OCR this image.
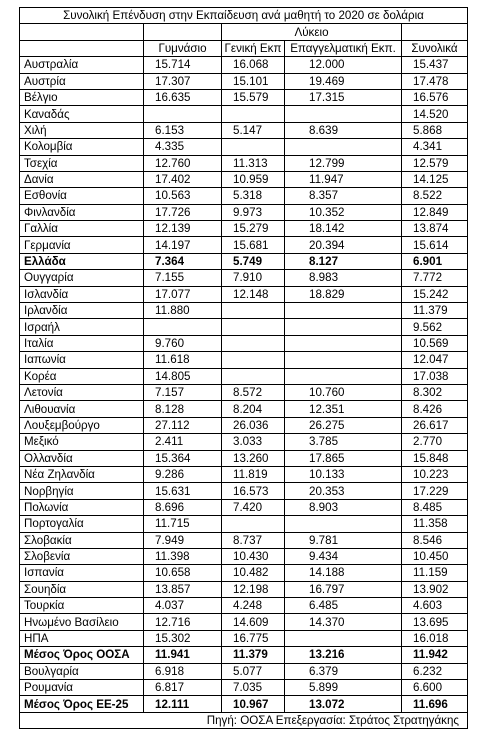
Συνολική Επένδυση στην Εκπαίδευση ανά μαθητή το 2020 σε δολάρια				
		Λύκειο		
	Γυμνάσιο	Γενική Εκπ	Επαγγελματική Εκπ.	Συνολικά
Αυστραλία	15.714	16.068	12.000	15.437
Αυστρία	17.307	15.101	19.469	17.478
Βέλγιο	16.635	15.579	17.315	16.576
Καναδάς				14.520
Χιλή	6.153	5.147	8.639	5.868
Κολομβία	4.335			4.341
Τσεχία	12.760	11.313	12.799	12.579
Δανία	17.402	10.959	11.947	14.125
Εσθονία	10.563	5.318	8.357	8.522
Φινλανδία	17.726	9.973	10.352	12.849
Γαλλία	12.139	15.279	18.142	13.874
Γερμανία	14.197	15.681	20.394	15.614
Ελλάδα	7.364	5.749	8.127	6.901
Ουγγαρία	7.155	7.910	8.983	7.772
Ισλανδία	17.077	12.148	18.829	15.242
Ιρλανδία	11.880			11.379
Ισραήλ				9.562
Ιταλία	9.760			10.569
Ιαπωνία	11.618			12.047
Κορέα	14.805			17.038
Λετονία	7.157	8.572	10.760	8.302
Λιθουανία	8.128	8.204	12.351	8.426
Λουξεμβούργο	27.112	26.036	26.275	26.617
Μεξικό	2.411	3.033	3.785	2.770
Ολλανδία	15.364	13.260	17.865	15.848
Νέα Ζηλανδία	9.286	11.819	10.133	10.223
Νορβηγία	15.631	16.573	20.353	17.229
Πολωνία	8.696	7.420	8.903	8.485
Πορτογαλία	11.715			11.358
Σλοβακία	7.949	8.737	9.781	8.546
Σλοβενία	11.398	10.430	9.434	10.450
Ισπανία	10.658	10.482	14.188	11.159
Σουηδία	13.857	12.198	16.797	13.902
Τουρκία	4.037	4.248	6.485	4.603
Ηνωμένο Βασίλειο	12.716	14.609	14.370	13.695
ΗΠΑ	15.302	16.775		16.018
Μέσος Όρος ΟΟΣΑ	11.941	11.379	13.216	11.942
Βουλγαρία	6.918	5.077	6.379	6.232
Ρουμανία	6.817	7.035	5.899	6.600
Μέσος Όρος ΕΕ-25	12.111	10.967	13.072	11.696
Πηγή: ΟΟΣΑ Επεξεργασία: Στράτος Στρατηγάκης				
